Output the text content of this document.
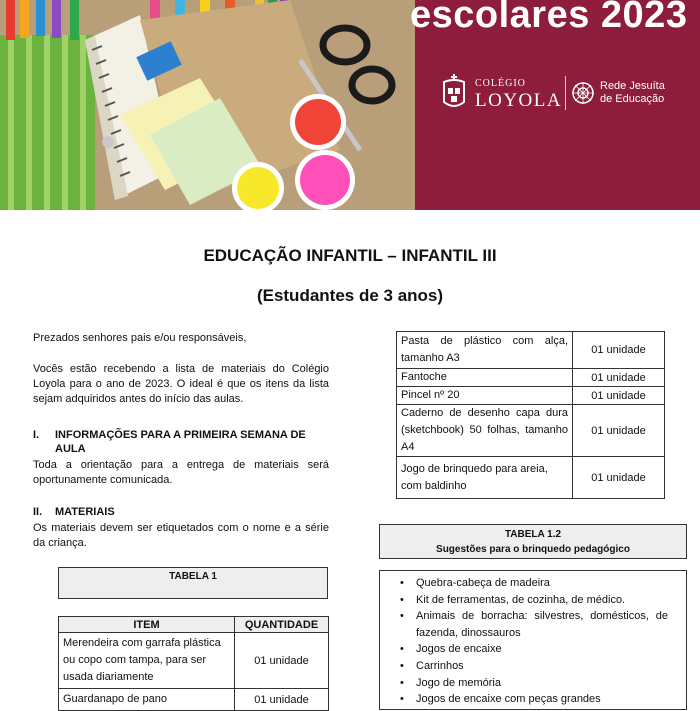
escolares 2023
COLÉGIO
LOYOLA
Rede Jesuíta
de Educação
EDUCAÇÃO INFANTIL – INFANTIL III
(Estudantes de 3 anos)
Prezados senhores pais e/ou responsáveis,
Vocês estão recebendo a lista de materiais do Colégio Loyola para o ano de 2023. O ideal é que os itens da lista sejam adquiridos antes do início das aulas.
I. INFORMAÇÕES PARA A PRIMEIRA SEMANA DE AULA
Toda a orientação para a entrega de materiais será oportunamente comunicada.
II. MATERIAIS
Os materiais devem ser etiquetados com o nome e a série da criança.
TABELA 1
ITEM	QUANTIDADE
Merendeira com garrafa plástica ou copo com tampa, para ser usada diariamente	01 unidade
Guardanapo de pano	01 unidade
Pasta de plástico com alça, tamanho A3	01 unidade
Fantoche	01 unidade
Pincel nº 20	01 unidade
Caderno de desenho capa dura (sketchbook) 50 folhas, tamanho A4	01 unidade
Jogo de brinquedo para areia, com baldinho	01 unidade
TABELA 1.2
Sugestões para o brinquedo pedagógico
• Quebra-cabeça de madeira
• Kit de ferramentas, de cozinha, de médico.
• Animais de borracha: silvestres, domésticos, de fazenda, dinossauros
• Jogos de encaixe
• Carrinhos
• Jogo de memória
• Jogos de encaixe com peças grandes
